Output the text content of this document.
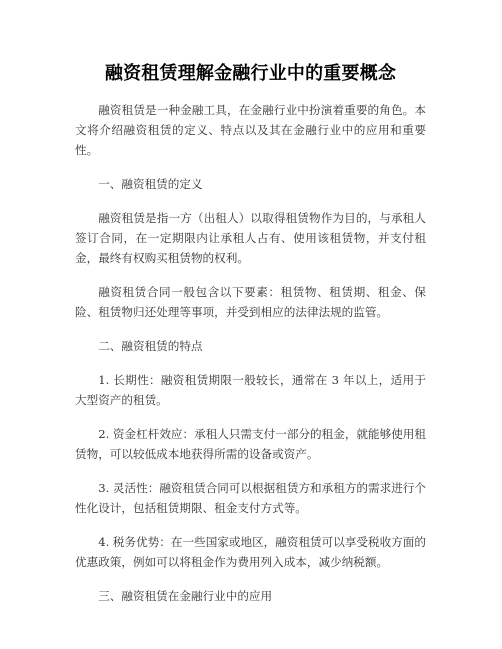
融资租赁理解金融行业中的重要概念

融资租赁是一种金融工具，在金融行业中扮演着重要的角色。本文将介绍融资租赁的定义、特点以及其在金融行业中的应用和重要性。

一、融资租赁的定义

融资租赁是指一方（出租人）以取得租赁物作为目的，与承租人签订合同，在一定期限内让承租人占有、使用该租赁物，并支付租金，最终有权购买租赁物的权利。

融资租赁合同一般包含以下要素：租赁物、租赁期、租金、保险、租赁物归还处理等事项，并受到相应的法律法规的监管。

二、融资租赁的特点

1. 长期性：融资租赁期限一般较长，通常在 3 年以上，适用于大型资产的租赁。

2. 资金杠杆效应：承租人只需支付一部分的租金，就能够使用租赁物，可以较低成本地获得所需的设备或资产。

3. 灵活性：融资租赁合同可以根据租赁方和承租方的需求进行个性化设计，包括租赁期限、租金支付方式等。

4. 税务优势：在一些国家或地区，融资租赁可以享受税收方面的优惠政策，例如可以将租金作为费用列入成本，减少纳税额。

三、融资租赁在金融行业中的应用
